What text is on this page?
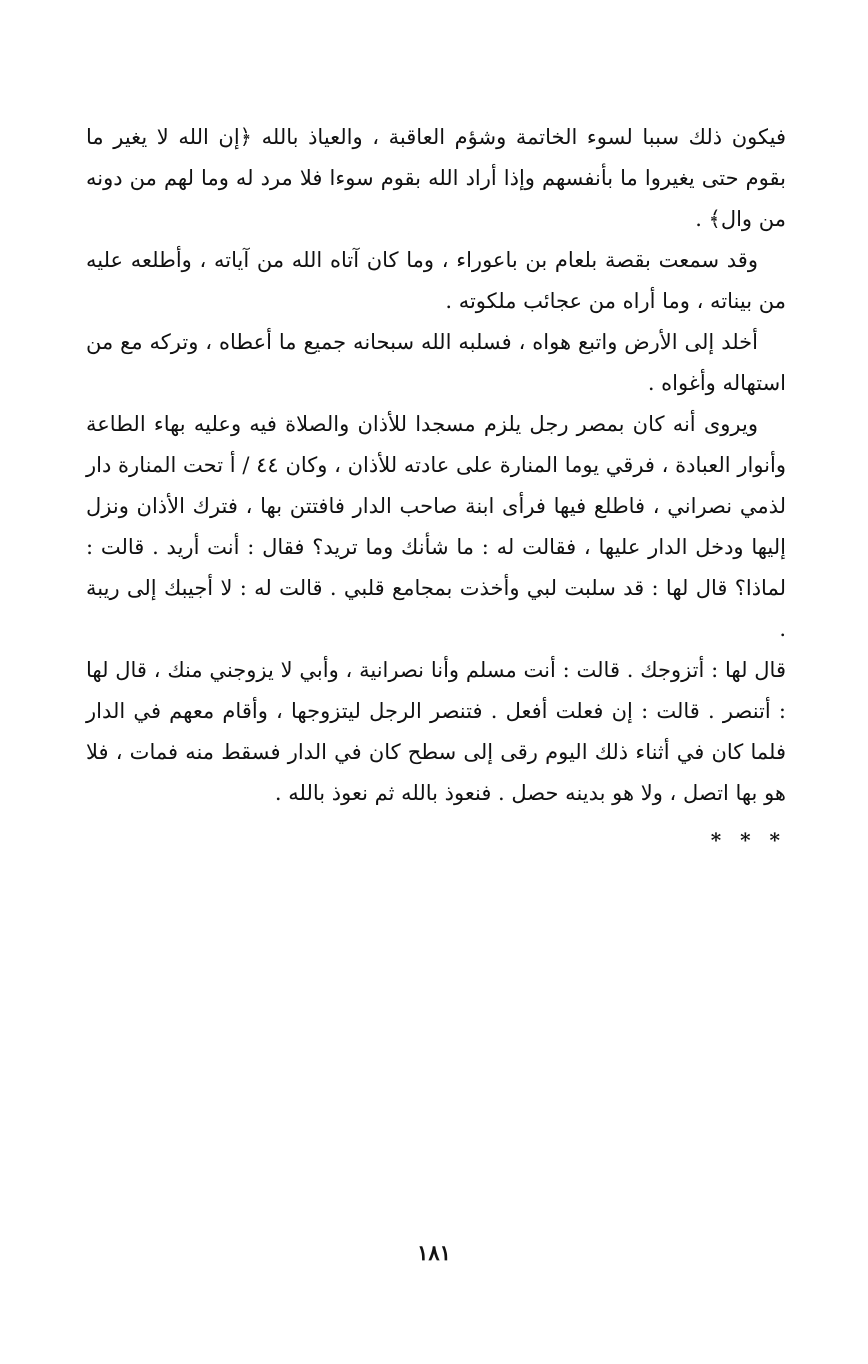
فيكون ذلك سببا لسوء الخاتمة وشؤم العاقبة ، والعياذ بالله ﴿إن الله لا يغير ما بقوم حتى يغيروا ما بأنفسهم وإذا أراد الله بقوم سوءا فلا مرد له وما لهم من دونه من وال﴾ .

وقد سمعت بقصة بلعام بن باعوراء ، وما كان آتاه الله من آياته ، وأطلعه عليه من بيناته ، وما أراه من عجائب ملكوته .

أخلد إلى الأرض واتبع هواه ، فسلبه الله سبحانه جميع ما أعطاه ، وتركه مع من استهاله وأغواه .

ويروى أنه كان بمصر رجل يلزم مسجدا للأذان والصلاة فيه وعليه بهاء الطاعة وأنوار العبادة ، فرقي يوما المنارة على عادته للأذان ، وكان ٤٤ / أ تحت المنارة دار لذمي نصراني ، فاطلع فيها فرأى ابنة صاحب الدار فافتتن بها ، فترك الأذان ونزل إليها ودخل الدار عليها ، فقالت له : ما شأنك وما تريد؟ فقال : أنت أريد . قالت : لماذا؟ قال لها : قد سلبت لبي وأخذت بمجامع قلبي . قالت له : لا أجيبك إلى ريبة .

قال لها : أتزوجك . قالت : أنت مسلم وأنا نصرانية ، وأبي لا يزوجني منك ، قال لها : أتنصر . قالت : إن فعلت أفعل . فتنصر الرجل ليتزوجها ، وأقام معهم في الدار فلما كان في أثناء ذلك اليوم رقى إلى سطح كان في الدار فسقط منه فمات ، فلا هو بها اتصل ، ولا هو بدينه حصل . فنعوذ بالله ثم نعوذ بالله .

* * *
١٨١
